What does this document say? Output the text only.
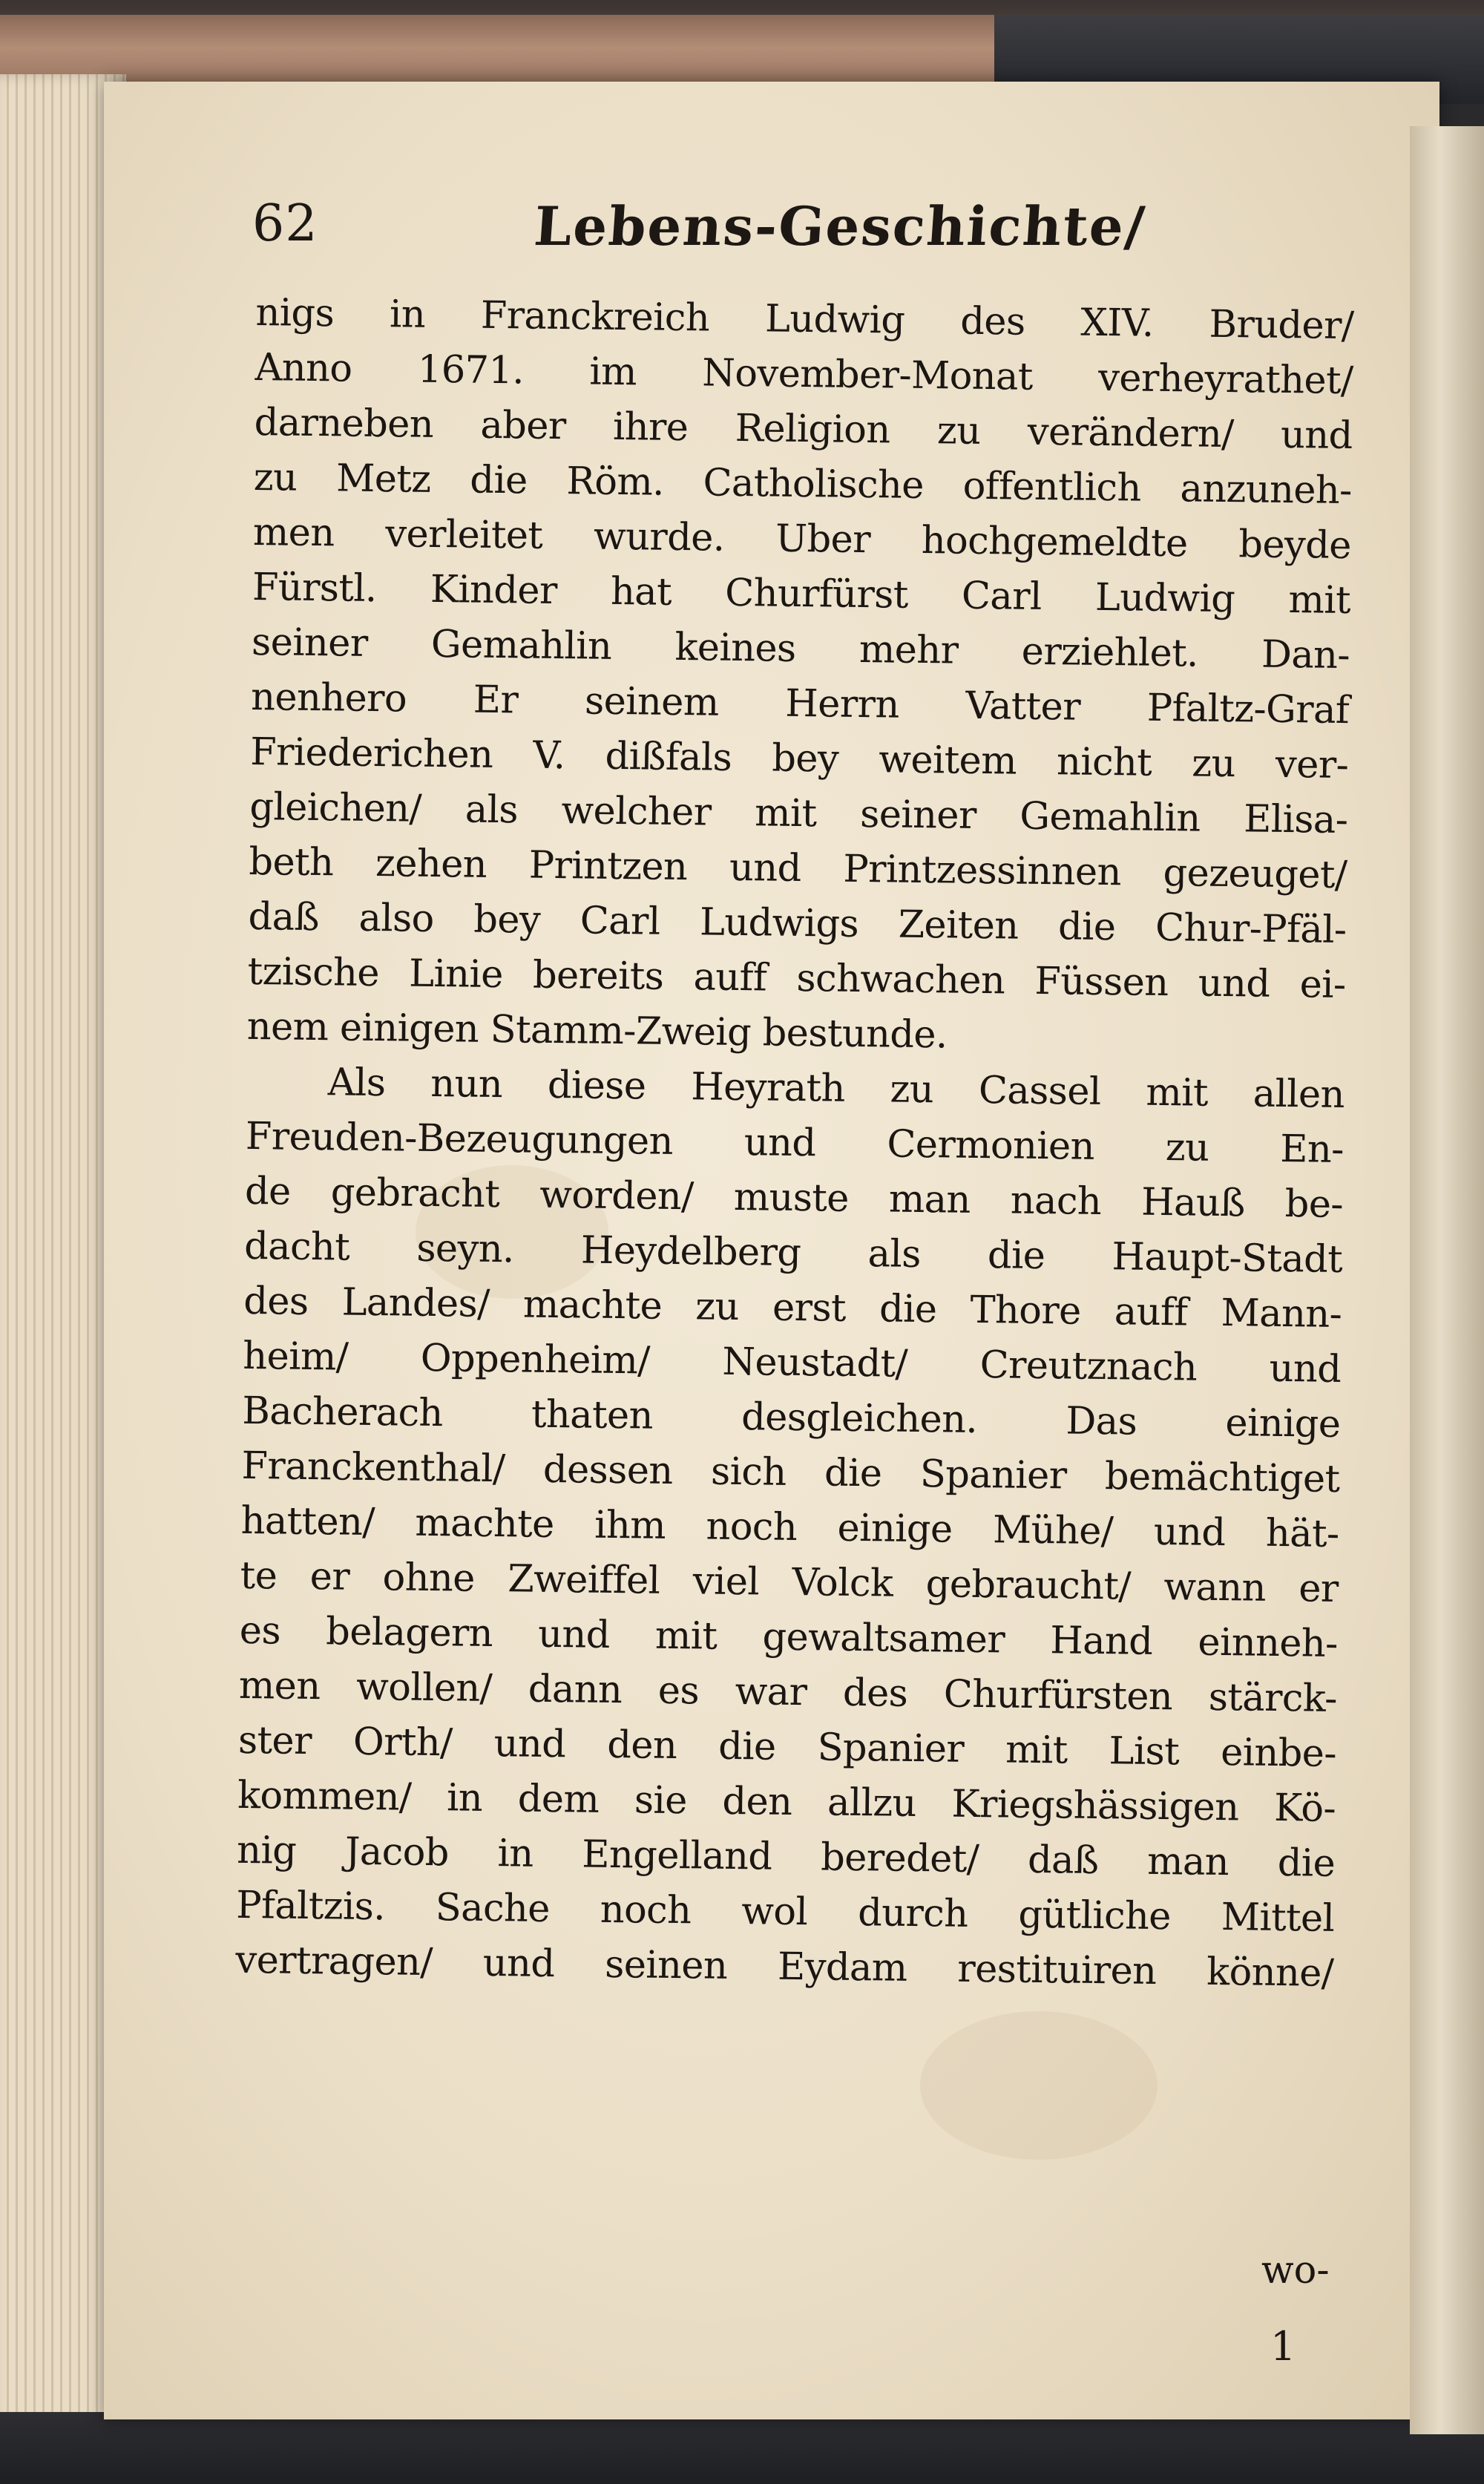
62	Lebens-Geschichte/
nigs in Franckreich Ludwig des XIV. Bruder/
Anno 1671. im November-Monat verheyrathet/
darneben aber ihre Religion zu verändern/ und
zu Metz die Röm. Catholische offentlich anzuneh-
men verleitet wurde. Uber hochgemeldte beyde
Fürstl. Kinder hat Churfürst Carl Ludwig mit
seiner Gemahlin keines mehr erziehlet. Dan-
nenhero Er seinem Herrn Vatter Pfaltz-Graf
Friederichen V. dißfals bey weitem nicht zu ver-
gleichen/ als welcher mit seiner Gemahlin Elisa-
beth zehen Printzen und Printzessinnen gezeuget/
daß also bey Carl Ludwigs Zeiten die Chur-Pfäl-
tzische Linie bereits auff schwachen Füssen und ei-
nem einigen Stamm-Zweig bestunde.
Als nun diese Heyrath zu Cassel mit allen
Freuden-Bezeugungen und Cermonien zu En-
de gebracht worden/ muste man nach Hauß be-
dacht seyn. Heydelberg als die Haupt-Stadt
des Landes/ machte zu erst die Thore auff Mann-
heim/ Oppenheim/ Neustadt/ Creutznach und
Bacherach thaten desgleichen. Das einige
Franckenthal/ dessen sich die Spanier bemächtiget
hatten/ machte ihm noch einige Mühe/ und hät-
te er ohne Zweiffel viel Volck gebraucht/ wann er
es belagern und mit gewaltsamer Hand einneh-
men wollen/ dann es war des Churfürsten stärck-
ster Orth/ und den die Spanier mit List einbe-
kommen/ in dem sie den allzu Kriegshässigen Kö-
nig Jacob in Engelland beredet/ daß man die
Pfaltzis. Sache noch wol durch gütliche Mittel
vertragen/ und seinen Eydam restituiren könne/
wo-
1
